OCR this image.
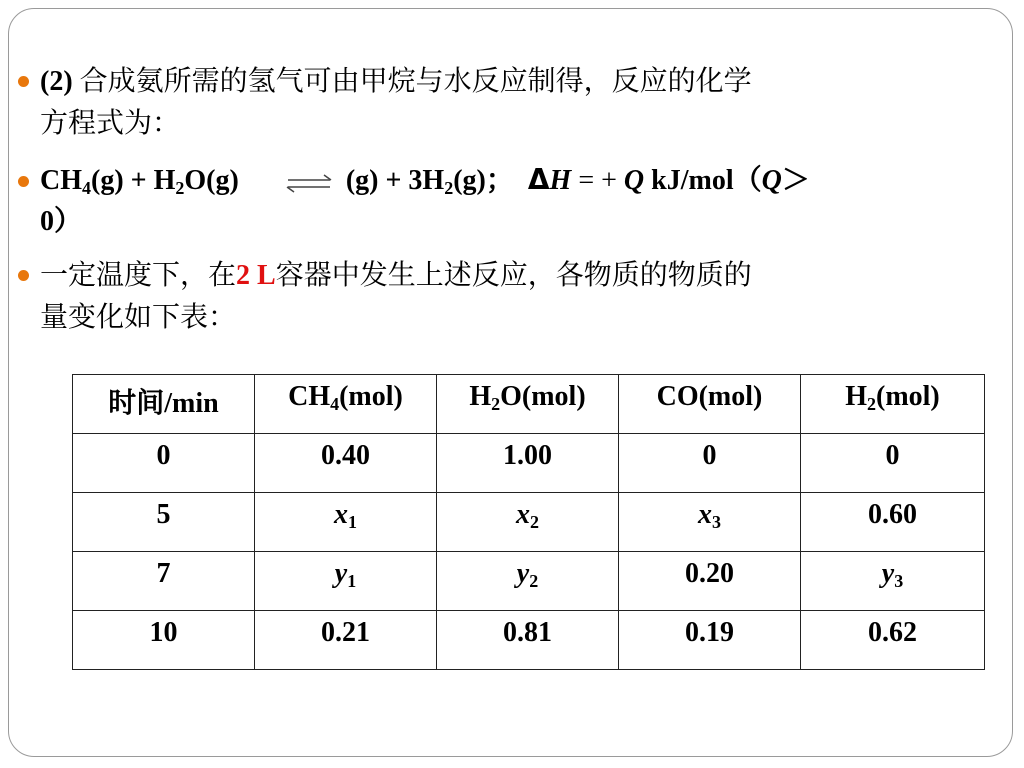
(2) 合成氨所需的氢气可由甲烷与水反应制得，反应的化学
方程式为：
$CH_4(g) + H_2O(g)$ ⇌(g) + $3H_2(g)$； ΔH = + Q kJ/mol（Q＞
0）
一定温度下，在2 L容器中发生上述反应，各物质的物质的
量变化如下表：
时间/min	$CH_4(mol)$	$H_2O(mol)$	CO(mol)	$H_2(mol)$
0	0.40	1.00	0	0
5	$x_1$	$x_2$	$x_3$	0.60
7	$y_1$	$y_2$	0.20	$y_3$
10	0.21	0.81	0.19	0.62
